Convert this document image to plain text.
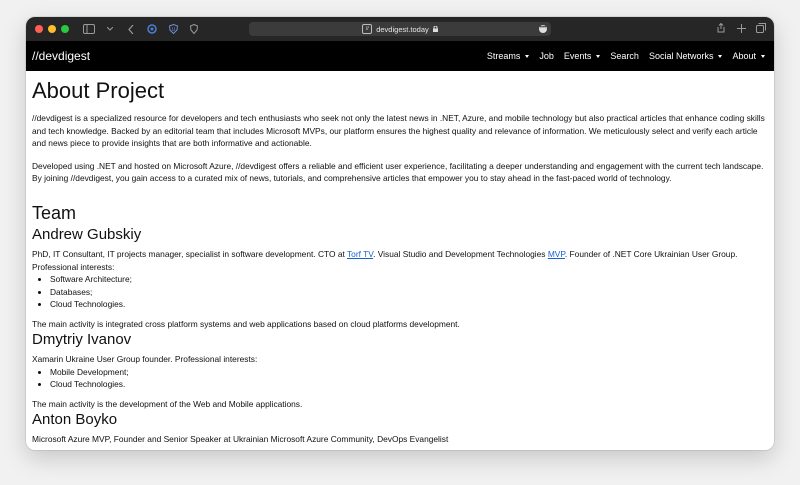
U	//	devdigest.today	•••
//devdigest	Streams Job Events Search Social Networks About
About Project

//devdigest is a specialized resource for developers and tech enthusiasts who seek not only the latest news in .NET, Azure, and mobile technology but also practical articles that enhance coding skills and tech knowledge. Backed by an editorial team that includes Microsoft MVPs, our platform ensures the highest quality and relevance of information. We meticulously select and verify each article and news piece to provide insights that are both informative and actionable.

Developed using .NET and hosted on Microsoft Azure, //devdigest offers a reliable and efficient user experience, facilitating a deeper understanding and engagement with the current tech landscape. By joining //devdigest, you gain access to a curated mix of news, tutorials, and comprehensive articles that empower you to stay ahead in the fast-paced world of technology.

Team
Andrew Gubskiy

PhD, IT Consultant, IT projects manager, specialist in software development. CTO at Torf TV. Visual Studio and Development Technologies MVP. Founder of .NET Core Ukrainian User Group. Professional interests:

• Software Architecture;
• Databases;
• Cloud Technologies.

The main activity is integrated cross platform systems and web applications based on cloud platforms development.

Dmytriy Ivanov

Xamarin Ukraine User Group founder. Professional interests:

• Mobile Development;
• Cloud Technologies.

The main activity is the development of the Web and Mobile applications.

Anton Boyko

Microsoft Azure MVP, Founder and Senior Speaker at Ukrainian Microsoft Azure Community, DevOps Evangelist
